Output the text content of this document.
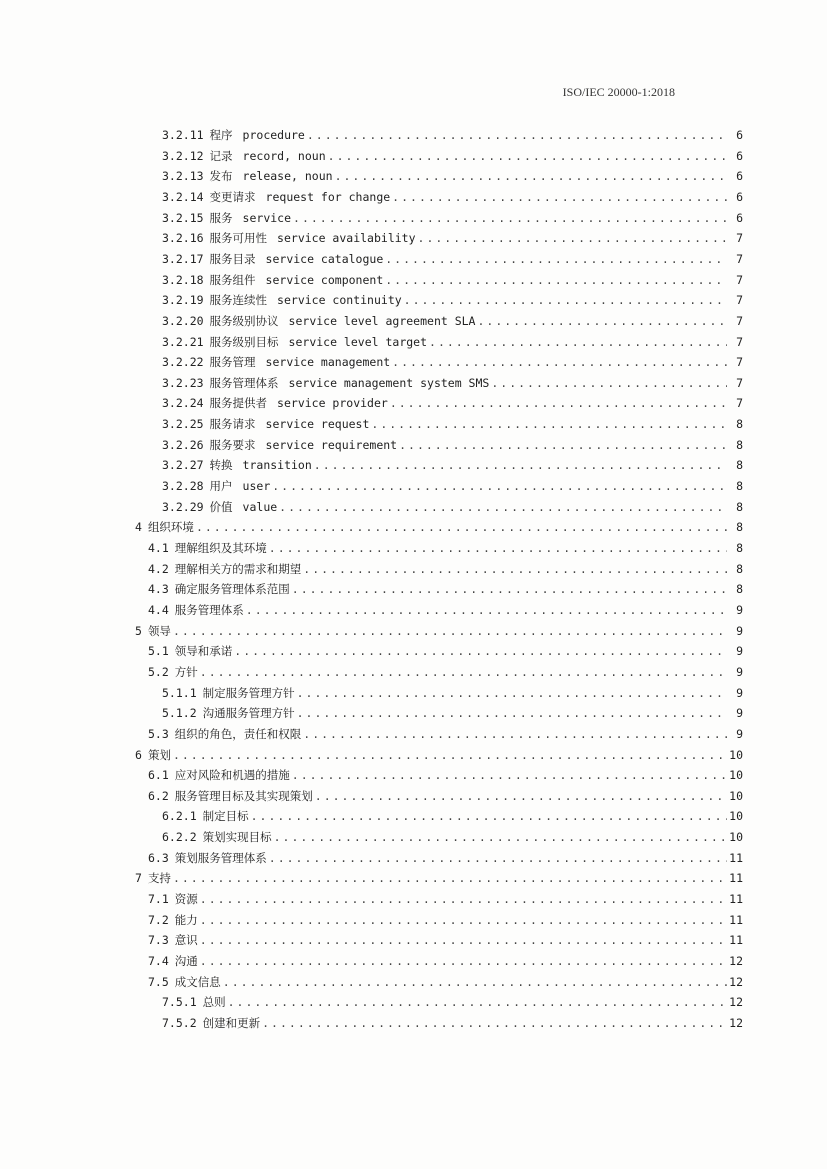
ISO/IEC 20000-1:2018
3.2.11 程序 procedure .....	6
3.2.12 记录 record, noun .....	6
3.2.13 发布 release, noun .....	6
3.2.14 变更请求 request for change .....	6
3.2.15 服务 service .....	6
3.2.16 服务可用性 service availability .....	7
3.2.17 服务目录 service catalogue .....	7
3.2.18 服务组件 service component .....	7
3.2.19 服务连续性 service continuity .....	7
3.2.20 服务级别协议 service level agreement SLA .....	7
3.2.21 服务级别目标 service level target .....	7
3.2.22 服务管理 service management .....	7
3.2.23 服务管理体系 service management system SMS .....	7
3.2.24 服务提供者 service provider .....	7
3.2.25 服务请求 service request .....	8
3.2.26 服务要求 service requirement .....	8
3.2.27 转换 transition .....	8
3.2.28 用户 user .....	8
3.2.29 价值 value .....	8
4 组织环境 .....	8
4.1 理解组织及其环境 .....	8
4.2 理解相关方的需求和期望 .....	8
4.3 确定服务管理体系范围 .....	8
4.4 服务管理体系 .....	9
5 领导 .....	9
5.1 领导和承诺 .....	9
5.2 方针 .....	9
5.1.1 制定服务管理方针 .....	9
5.1.2 沟通服务管理方针 .....	9
5.3 组织的角色，责任和权限 .....	9
6 策划 .....	10
6.1 应对风险和机遇的措施 .....	10
6.2 服务管理目标及其实现策划 .....	10
6.2.1 制定目标 .....	10
6.2.2 策划实现目标 .....	10
6.3 策划服务管理体系 .....	11
7 支持 .....	11
7.1 资源 .....	11
7.2 能力 .....	11
7.3 意识 .....	11
7.4 沟通 .....	12
7.5 成文信息 .....	12
7.5.1 总则 .....	12
7.5.2 创建和更新 .....	12
